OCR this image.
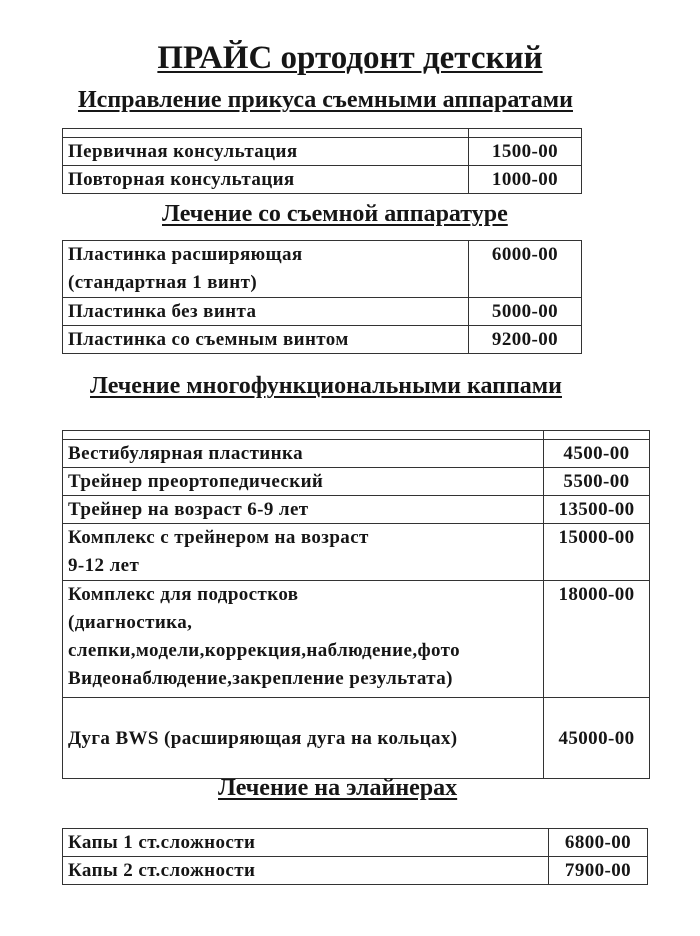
ПРАЙС ортодонт детский
Исправление прикуса съемными аппаратами

Первичная консультация	1500-00
Повторная консультация	1000-00
Лечение со съемной аппаратуре
Пластинка расширяющая
(стандартная 1 винт)	6000-00
Пластинка без винта	5000-00
Пластинка со съемным винтом	9200-00
Лечение многофункциональными каппами

Вестибулярная пластинка	4500-00
Трейнер преортопедический	5500-00
Трейнер на возраст 6-9 лет	13500-00

Комплекс с трейнером на возраст
9-12 лет	15000-00

Комплекс для подростков
(диагностика,
слепки,модели,коррекция,наблюдение,фото
Видеонаблюдение,закрепление результата)	18000-00
Дуга BWS (расширяющая дуга на кольцах)	45000-00
Лечение на элайнерах
Капы 1 ст.сложности	6800-00
Капы 2 ст.сложности	7900-00
